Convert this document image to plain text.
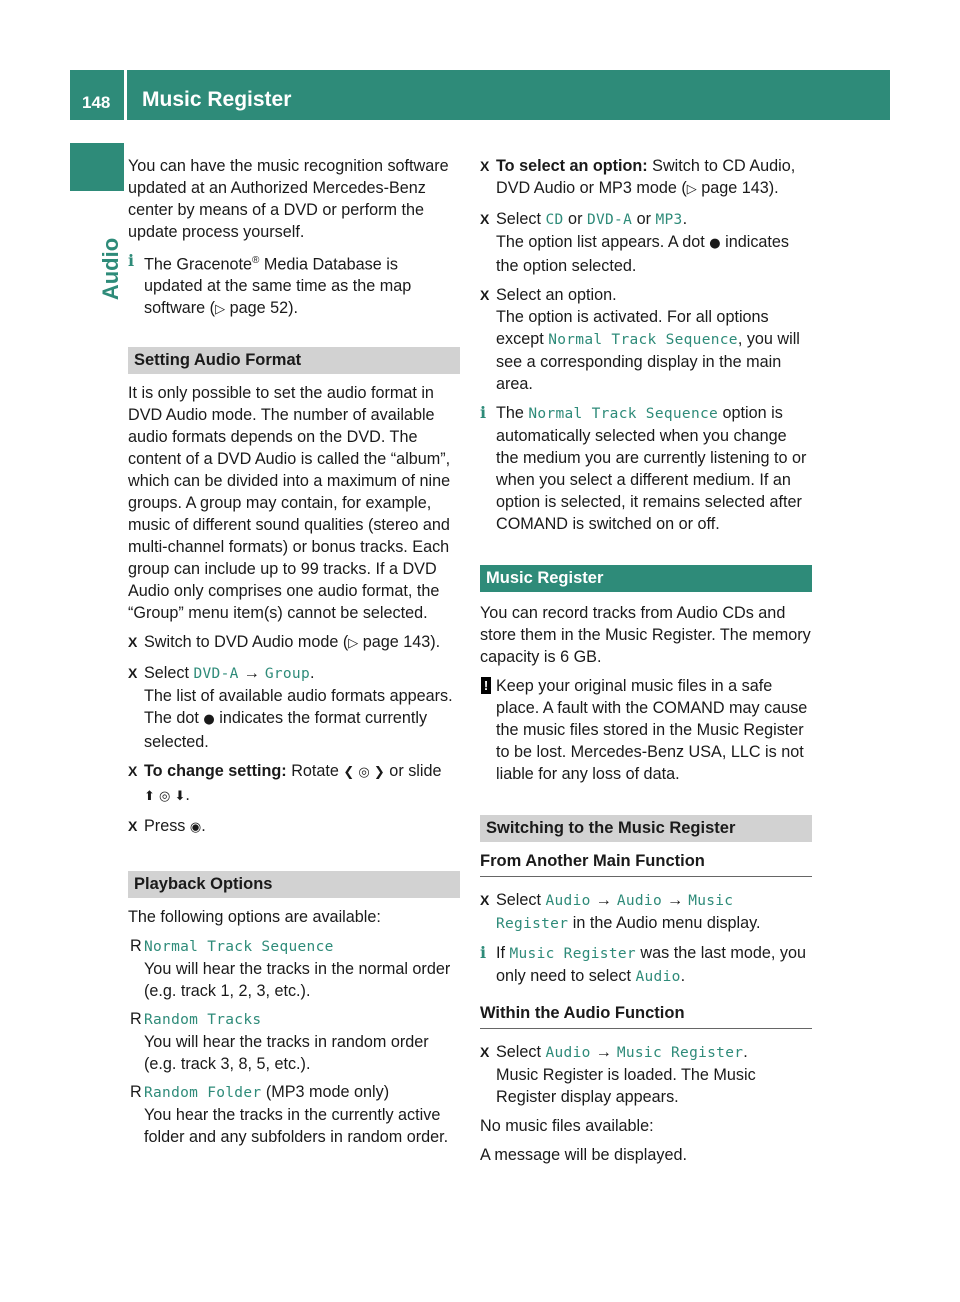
148 Music Register
Audio

You can have the music recognition software updated at an Authorized Mercedes-Benz center by means of a DVD or perform the update process yourself.

i The Gracenote® Media Database is updated at the same time as the map software (▷ page 52).
Setting Audio Format

It is only possible to set the audio format in DVD Audio mode. The number of available audio formats depends on the DVD. The content of a DVD Audio is called the “album”, which can be divided into a maximum of nine groups. A group may contain, for example, music of different sound qualities (stereo and multi-channel formats) or bonus tracks. Each group can include up to 99 tracks. If a DVD Audio only comprises one audio format, the “Group” menu item(s) cannot be selected.

X Switch to DVD Audio mode (▷ page 143).
X Select DVD-A → Group.
The list of available audio formats appears.
The dot ● indicates the format currently selected.
X To change setting: Rotate ❮ ◎ ❯ or slide
⬆ ◎ ⬇.
X Press ◉.
Playback Options

The following options are available:

R Normal Track Sequence
You will hear the tracks in the normal order (e.g. track 1, 2, 3, etc.).
R Random Tracks
You will hear the tracks in random order (e.g. track 3, 8, 5, etc.).
R Random Folder (MP3 mode only)
You hear the tracks in the currently active folder and any subfolders in random order.
X To select an option: Switch to CD Audio, DVD Audio or MP3 mode (▷ page 143).
X Select CD or DVD-A or MP3.
The option list appears. A dot ● indicates the option selected.
X Select an option.
The option is activated. For all options except Normal Track Sequence, you will see a corresponding display in the main area.
i The Normal Track Sequence option is automatically selected when you change the medium you are currently listening to or when you select a different medium. If an option is selected, it remains selected after COMAND is switched on or off.
Music Register

You can record tracks from Audio CDs and store them in the Music Register. The memory capacity is 6 GB.

! Keep your original music files in a safe place. A fault with the COMAND may cause the music files stored in the Music Register to be lost. Mercedes-Benz USA, LLC is not liable for any loss of data.
Switching to the Music Register
From Another Main Function
X Select Audio → Audio → Music Register in the Audio menu display.
i If Music Register was the last mode, you only need to select Audio.
Within the Audio Function
X Select Audio → Music Register.
Music Register is loaded. The Music Register display appears.

No music files available:

A message will be displayed.
